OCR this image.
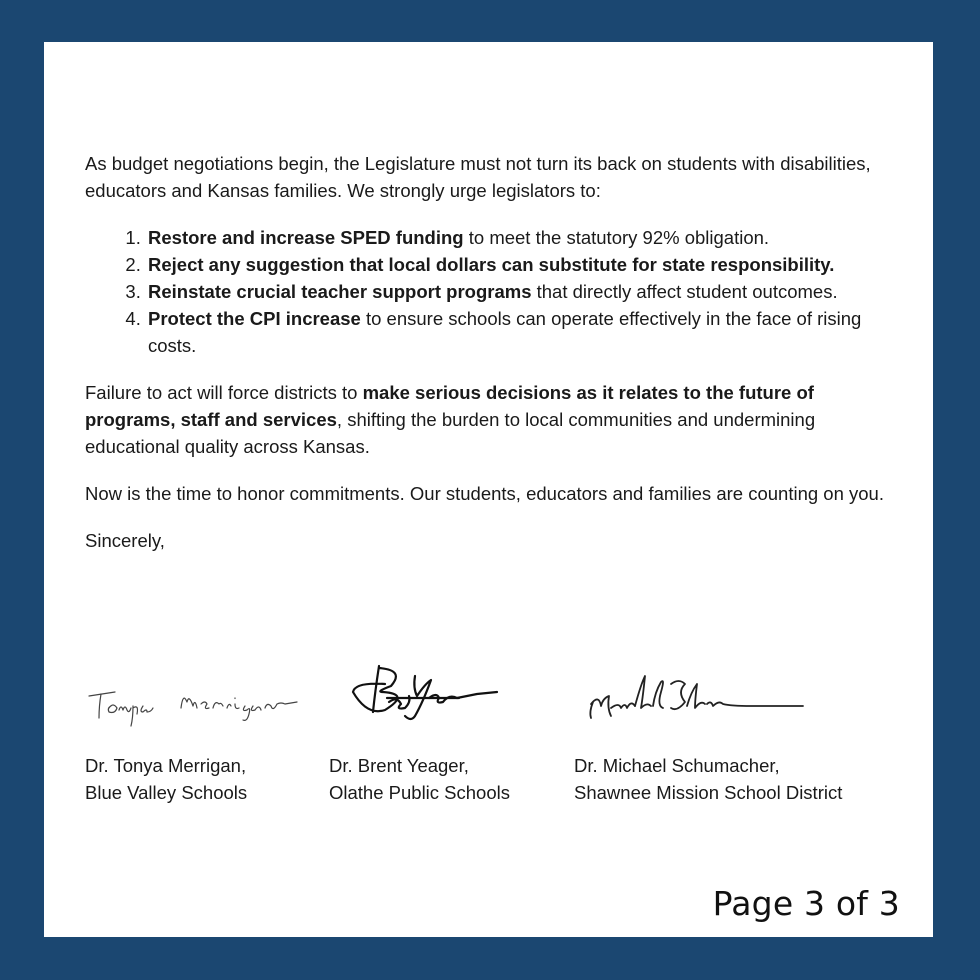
As budget negotiations begin, the Legislature must not turn its back on students with disabilities, educators and Kansas families. We strongly urge legislators to:

1. Restore and increase SPED funding to meet the statutory 92% obligation.
2. Reject any suggestion that local dollars can substitute for state responsibility.
3. Reinstate crucial teacher support programs that directly affect student outcomes.
4. Protect the CPI increase to ensure schools can operate effectively in the face of rising costs.

Failure to act will force districts to make serious decisions as it relates to the future of programs, staff and services, shifting the burden to local communities and undermining educational quality across Kansas.

Now is the time to honor commitments. Our students, educators and families are counting on you.

Sincerely,

Dr. Tonya Merrigan,
Blue Valley Schools
Dr. Brent Yeager,
Olathe Public Schools
Dr. Michael Schumacher,
Shawnee Mission School District
Page 3 of 3
